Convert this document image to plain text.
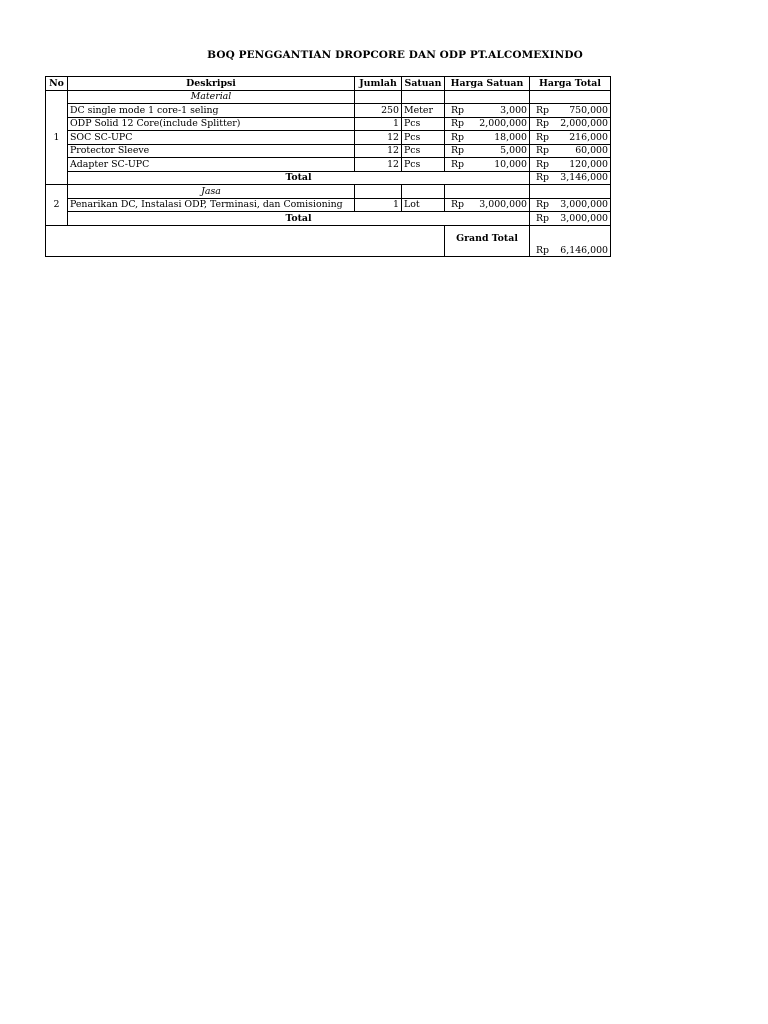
BOQ PENGGANTIAN DROPCORE DAN ODP PT.ALCOMEXINDO
No	Deskripsi	Jumlah	Satuan	Harga Satuan	Harga Total
1	Material				
	DC single mode 1 core-1 seling	250	Meter	Rp 3,000	Rp 750,000

	ODP Solid 12 Core(include Splitter)	1	Pcs	Rp 2,000,000	Rp 2,000,000

	SOC SC-UPC	12	Pcs	Rp 18,000	Rp 216,000

	Protector Sleeve	12	Pcs	Rp 5,000	Rp 60,000

	Adapter SC-UPC	12	Pcs	Rp 10,000	Rp 120,000

	Total				Rp 3,146,000

2	Jasa				
	Penarikan DC, Instalasi ODP, Terminasi, dan Comisioning	1	Lot	Rp 3,000,000	Rp 3,000,000

	Total				Rp 3,000,000

				Grand Total	Rp 6,146,000
